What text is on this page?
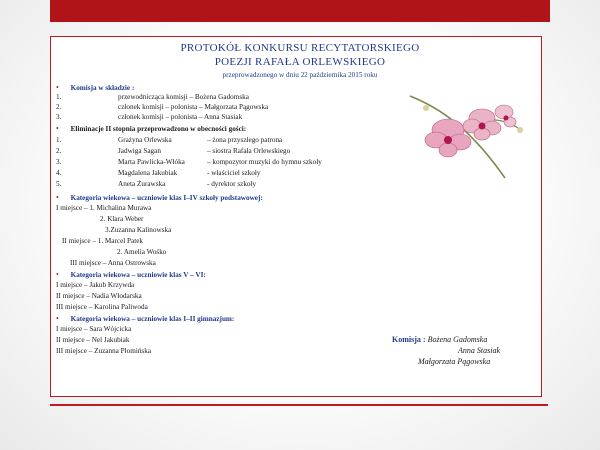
PROTOKÓŁ KONKURSU RECYTATORSKIEGO
POEZJI RAFAŁA ORLEWSKIEGO
przeprowadzonego w dniu 22 października 2015 roku
• Komisja w składzie :
1.	przewodnicząca komisji – Bożena Gadomska
2.	członek komisji – polonista – Małgorzata Pągowska
3.	członek komisji – polonista – Anna Stasiak
• Eliminacje II stopnia przeprowadzono w obecności gości:
1.	Grażyna Orlewska	– żona przyszłego patrona
2.	Jadwiga Sagan	– siostra Rafała Orlewskiego
3.	Marta Pawlicka-Włóka	– kompozytor muzyki do hymnu szkoły
4.	Magdalena Jakubiak	- właściciel szkoły
5.	Aneta Żurawska	- dyrektor szkoły
• Kategoria wiekowa – uczniowie klas I–IV szkoły podstawowej:
I miejsce – 1. Michalina Murawa
2. Klara Weber
3.Zuzanna Kalinowska
II miejsce – 1. Marcel Patek
2. Amelia Wośko
III miejsce – Anna Ostrowska
• Kategoria wiekowa – uczniowie klas V – VI:
I miejsce – Jakub Krzywda
II miejsce – Nadia Włodarska
III miejsce – Karolina Paliwoda
• Kategoria wiekowa – uczniowie klas I–II gimnazjum:
I miejsce – Sara Wójcicka
II miejsce – Nel Jakubiak
III miejsce – Zuzanna Płomińska
Komisja : Bożena Gadomska
Anna Stasiak
Małgorzata Pągowska
